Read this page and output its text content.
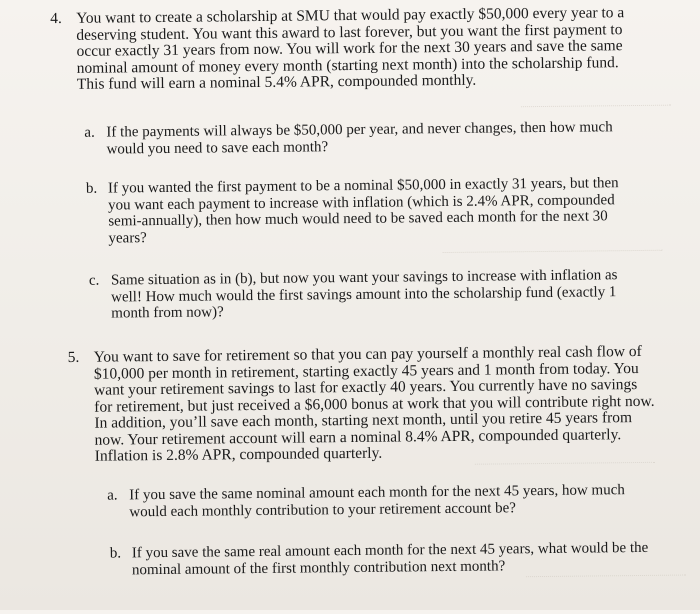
4. You want to create a scholarship at SMU that would pay exactly $50,000 every year to a
deserving student. You want this award to last forever, but you want the first payment to
occur exactly 31 years from now. You will work for the next 30 years and save the same
nominal amount of money every month (starting next month) into the scholarship fund.
This fund will earn a nominal 5.4% APR, compounded monthly.
a. If the payments will always be $50,000 per year, and never changes, then how much
would you need to save each month?
b. If you wanted the first payment to be a nominal $50,000 in exactly 31 years, but then
you want each payment to increase with inflation (which is 2.4% APR, compounded
semi-annually), then how much would need to be saved each month for the next 30
years?
c. Same situation as in (b), but now you want your savings to increase with inflation as
well! How much would the first savings amount into the scholarship fund (exactly 1
month from now)?
5. You want to save for retirement so that you can pay yourself a monthly real cash flow of
$10,000 per month in retirement, starting exactly 45 years and 1 month from today. You
want your retirement savings to last for exactly 40 years. You currently have no savings
for retirement, but just received a $6,000 bonus at work that you will contribute right now.
In addition, you’ll save each month, starting next month, until you retire 45 years from
now. Your retirement account will earn a nominal 8.4% APR, compounded quarterly.
Inflation is 2.8% APR, compounded quarterly.
a. If you save the same nominal amount each month for the next 45 years, how much
would each monthly contribution to your retirement account be?
b. If you save the same real amount each month for the next 45 years, what would be the
nominal amount of the first monthly contribution next month?
